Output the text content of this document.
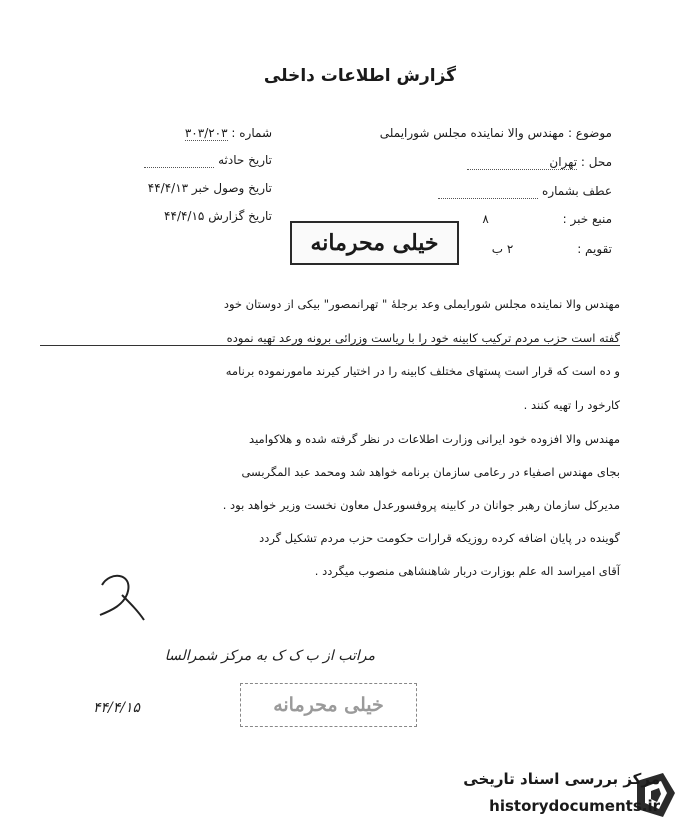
گزارش اطلاعات داخلی
موضوع : مهندس والا نماینده مجلس شورایملی
محل : تهران
عطف بشماره
منبع خبر : ۸
تقویم : ۲ ب
شماره : ۳۰۳/۲۰۳
تاریخ حادثه
تاریخ وصول خبر ۴۴/۴/۱۳
تاریخ گزارش ۴۴/۴/۱۵
خیلی محرمانه
مهندس والا نماینده مجلس شورایملی وعد برجلهٔ " تهرانمصور" بیکی از دوستان خود
گفته است حزب مردم ترکیب کابینه خود را با ریاست وزرائی برونه ورعد تهیه نموده
و ده است که قرار است پستهای مختلف کابینه را در اختیار کیرند مامورنموده برنامه
کارخود را تهیه کنند .
مهندس والا افزوده خود ایرانی وزارت اطلاعات در نظر گرفته شده و هلاکوامید
بجای مهندس اصفیاء در رعامی سازمان برنامه خواهد شد ومحمد عبد المگربسی
مدیرکل سازمان رهبر جوانان در کابینه پروفسورعدل معاون نخست وزیر خواهد بود .
گوینده در پایان اضافه کرده روزیکه قرارات حکومت حزب مردم تشکیل گردد
آقای امیراسد اله علم بوزارت دربار شاهنشاهی منصوب میگردد .
مراتب از ب ک ک به مرکز شمرالسا
۴۴/۴/۱۵	خیلی محرمانه
مرکز بررسی اسناد تاریخی
historydocuments.ir
